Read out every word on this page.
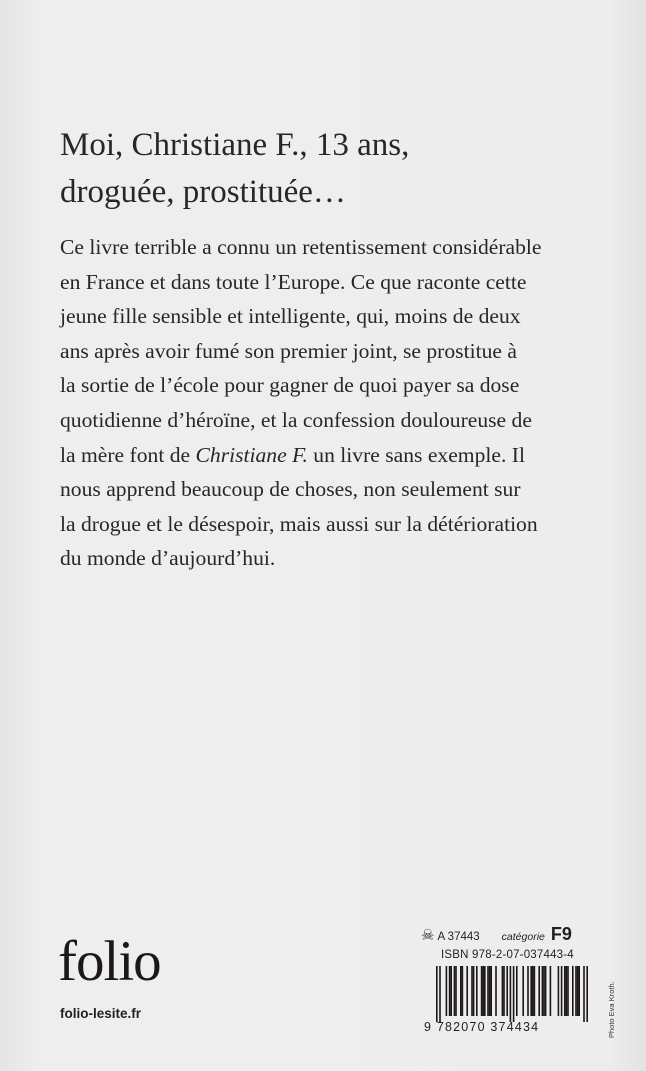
Moi, Christiane F., 13 ans,
droguée, prostituée…

Ce livre terrible a connu un retentissement considérable
en France et dans toute l’Europe. Ce que raconte cette
jeune fille sensible et intelligente, qui, moins de deux
ans après avoir fumé son premier joint, se prostitue à
la sortie de l’école pour gagner de quoi payer sa dose
quotidienne d’héroïne, et la confession douloureuse de
la mère font de Christiane F. un livre sans exemple. Il
nous apprend beaucoup de choses, non seulement sur
la drogue et le désespoir, mais aussi sur la détérioration
du monde d’aujourd’hui.

folio
folio-lesite.fr
☠ A 37443 catégorie F9
ISBN 978-2-07-037443-4
9 782070 374434	Photo Eva Kroth.
